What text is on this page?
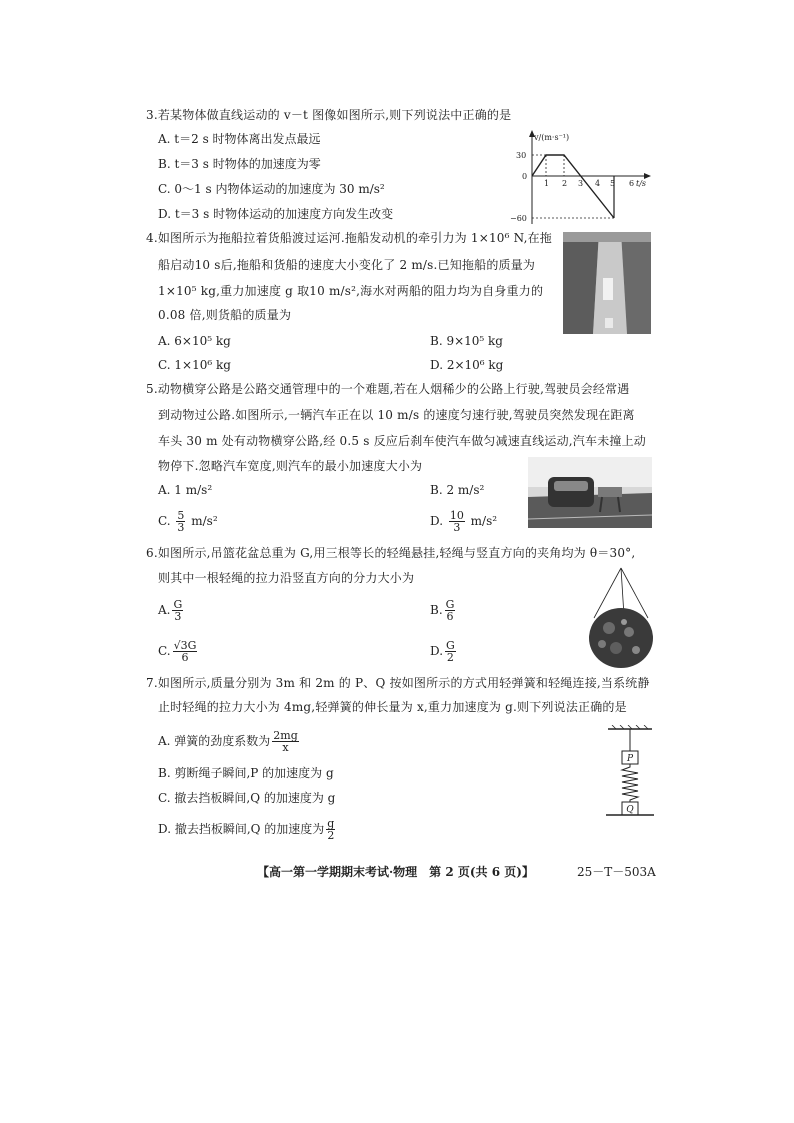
3.若某物体做直线运动的 v－t 图像如图所示,则下列说法中正确的是
A. t＝2 s 时物体离出发点最远
B. t＝3 s 时物体的加速度为零
C. 0～1 s 内物体运动的加速度为 30 m/s²
D. t＝3 s 时物体运动的加速度方向发生改变
v/(m·s⁻¹)
30
0
−60
1 2 3 4 5 6 t/s
4.如图所示为拖船拉着货船渡过运河.拖船发动机的牵引力为 1×10⁶ N,在拖
船启动10 s后,拖船和货船的速度大小变化了 2 m/s.已知拖船的质量为
1×10⁵ kg,重力加速度 g 取10 m/s²,海水对两船的阻力均为自身重力的
0.08 倍,则货船的质量为
A. 6×10⁵ kg	B. 9×10⁵ kg
C. 1×10⁶ kg	D. 2×10⁶ kg
5.动物横穿公路是公路交通管理中的一个难题,若在人烟稀少的公路上行驶,驾驶员会经常遇
到动物过公路.如图所示,一辆汽车正在以 10 m/s 的速度匀速行驶,驾驶员突然发现在距离
车头 30 m 处有动物横穿公路,经 0.5 s 反应后刹车使汽车做匀减速直线运动,汽车未撞上动
物停下.忽略汽车宽度,则汽车的最小加速度大小为
A. 1 m/s²	B. 2 m/s²
C. $\frac{5}{3} m/s^2$	D. $\frac{10}{3} m/s^2$
6.如图所示,吊篮花盆总重为 G,用三根等长的轻绳悬挂,轻绳与竖直方向的夹角均为 θ＝30°,
则其中一根轻绳的拉力沿竖直方向的分力大小为
A. $\frac{G}{3}$	B. $\frac{G}{6}$
C. $\frac{√3G}{6}$	D. $\frac{G}{2}$
7.如图所示,质量分别为 3m 和 2m 的 P、Q 按如图所示的方式用轻弹簧和轻绳连接,当系统静
止时轻绳的拉力大小为 4mg,轻弹簧的伸长量为 x,重力加速度为 g.则下列说法正确的是
A. 弹簧的劲度系数为 $\frac{2mg}{x}$
B. 剪断绳子瞬间,P 的加速度为 g
C. 撤去挡板瞬间,Q 的加速度为 g
D. 撤去挡板瞬间,Q 的加速度为 $\frac{g}{2}$
P
Q
【高一第一学期期末考试·物理　第 2 页(共 6 页)】	25－T－503A
